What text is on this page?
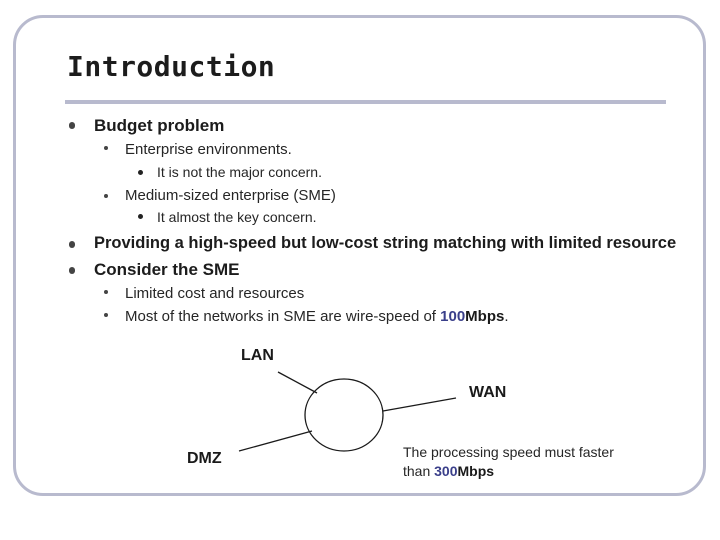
Introduction
Budget problem
Enterprise environments.
It is not the major concern.
Medium-sized enterprise (SME)
It almost the key concern.
Providing a high-speed but low-cost string matching with limited resource
Consider the SME
Limited cost and resources
Most of the networks in SME are wire-speed of 100Mbps.
LAN
WAN
DMZ	The processing speed must faster
than 300Mbps
